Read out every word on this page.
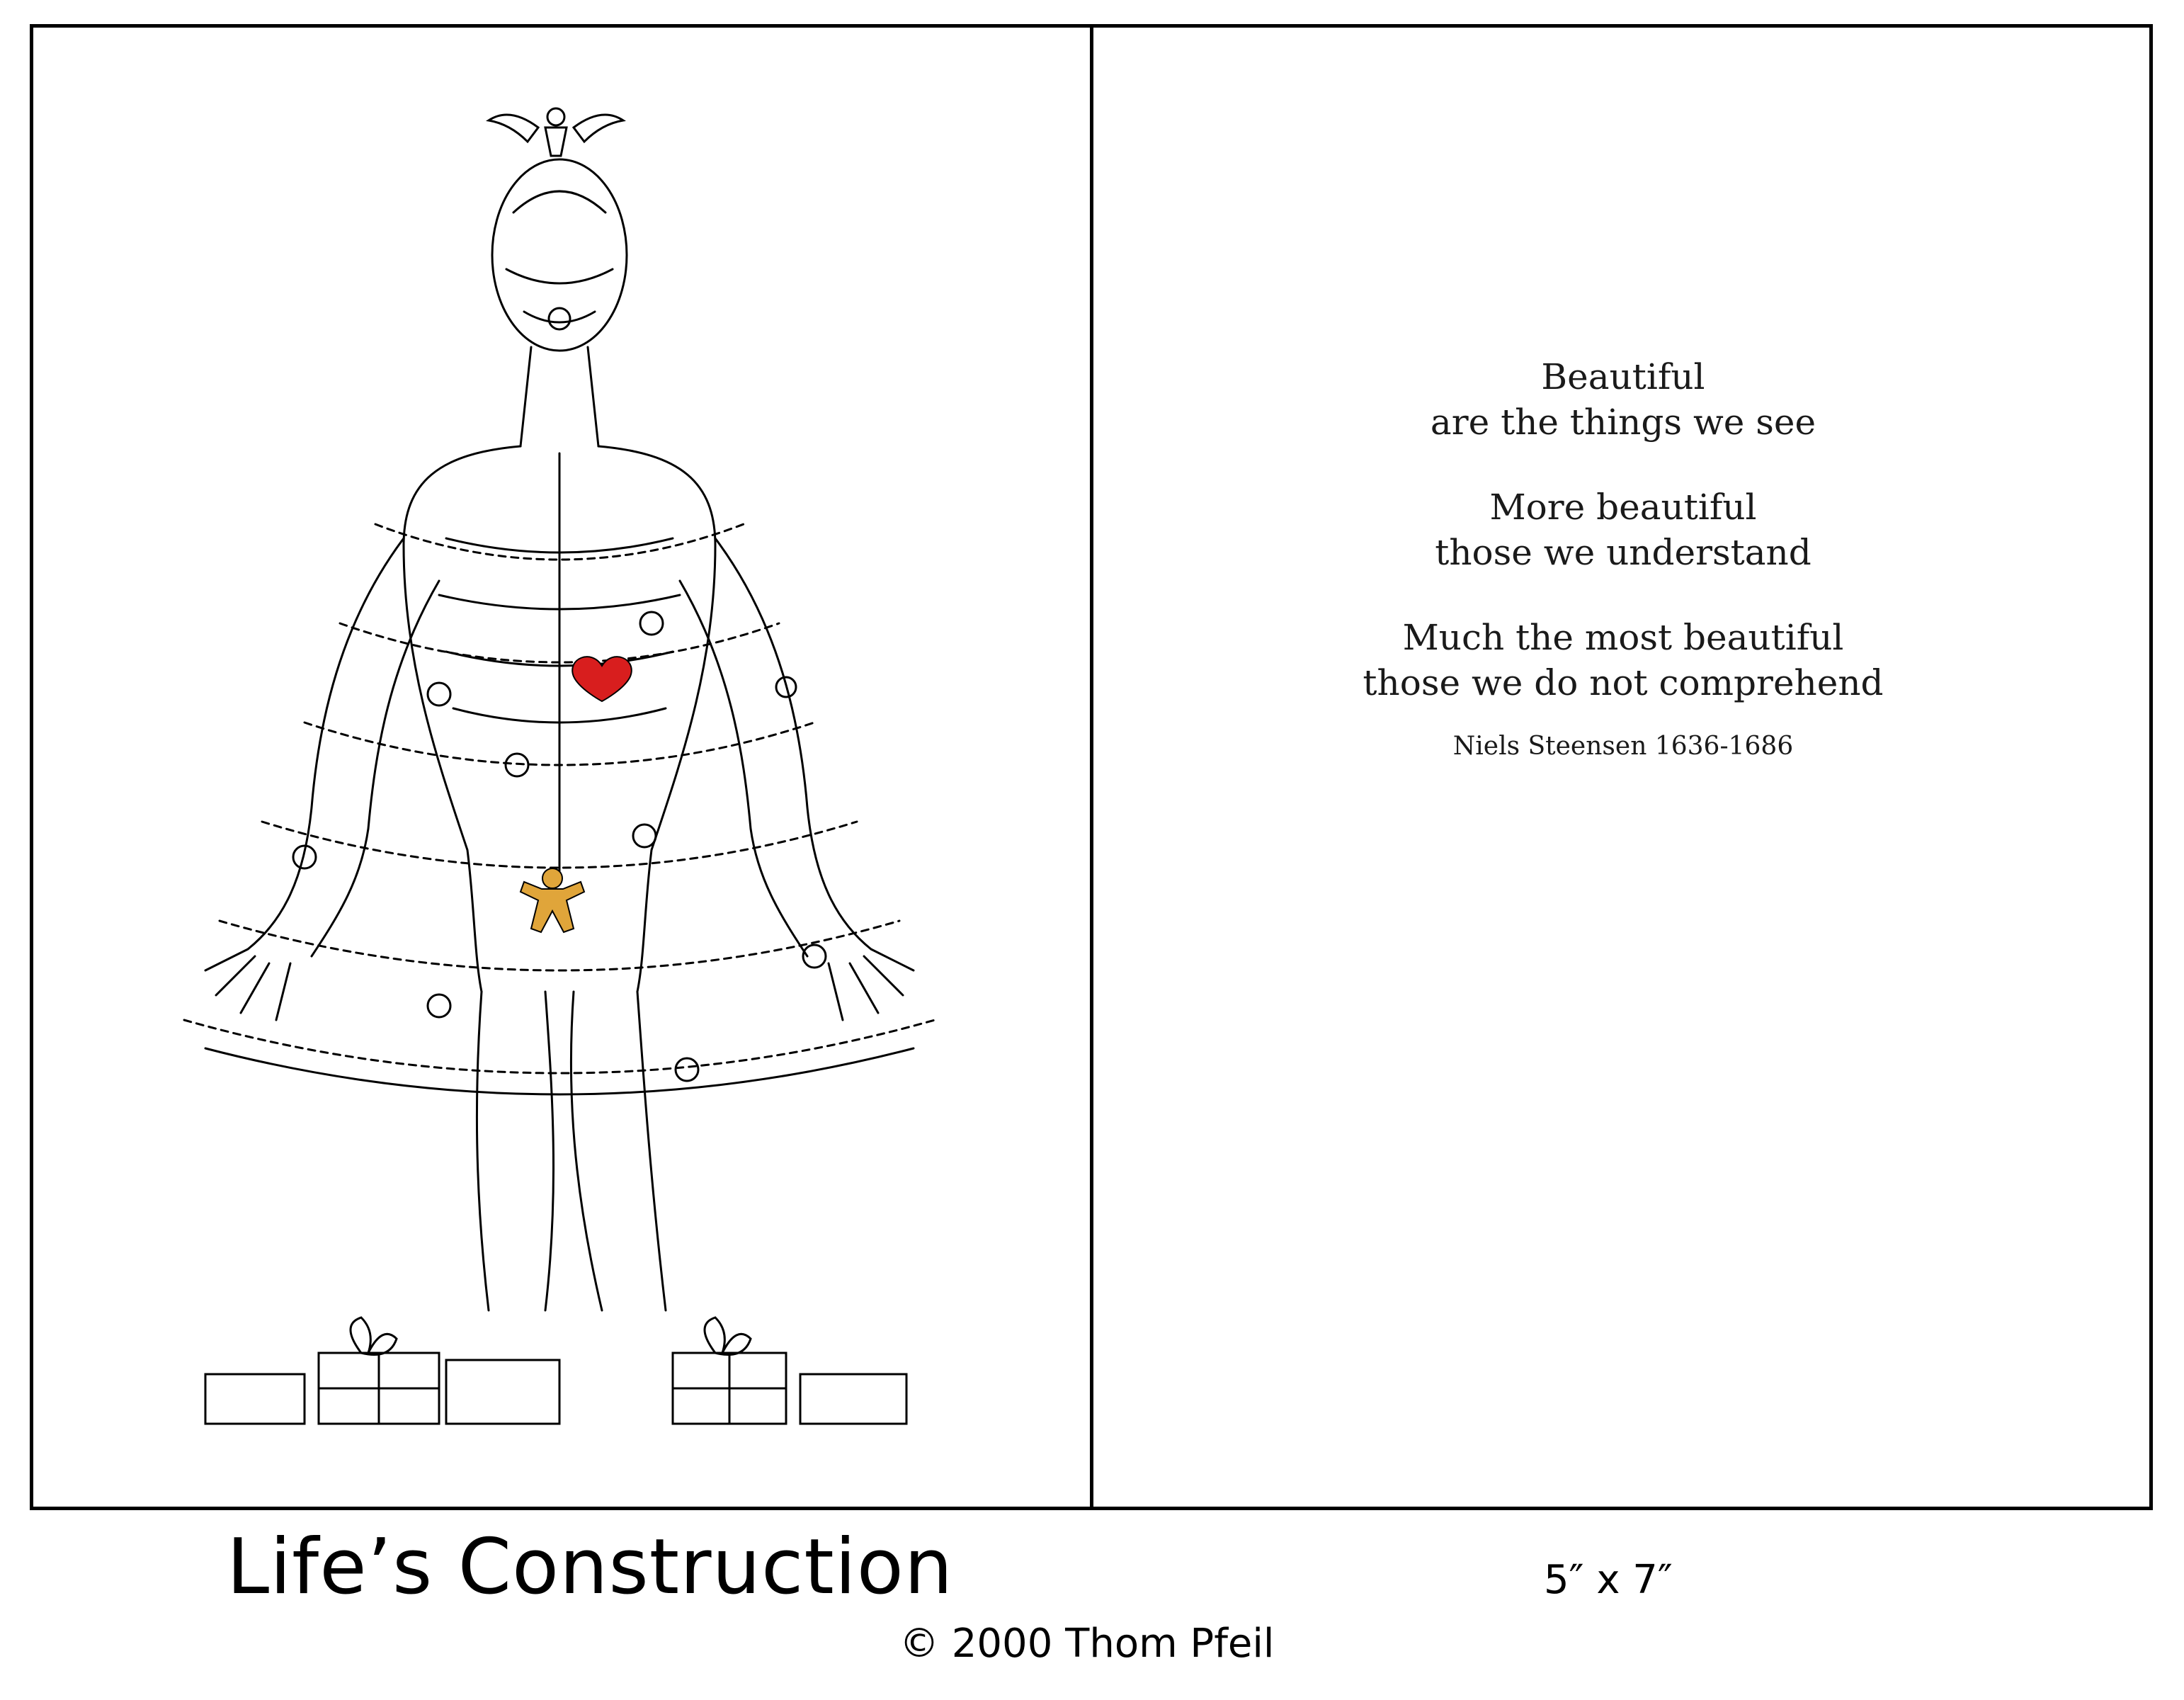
Beautiful
are the things we see
More beautiful
those we understand
Much the most beautiful
those we do not comprehend
Niels Steensen 1636-1686
Life’s Construction	5″ x 7″
© 2000 Thom Pfeil
